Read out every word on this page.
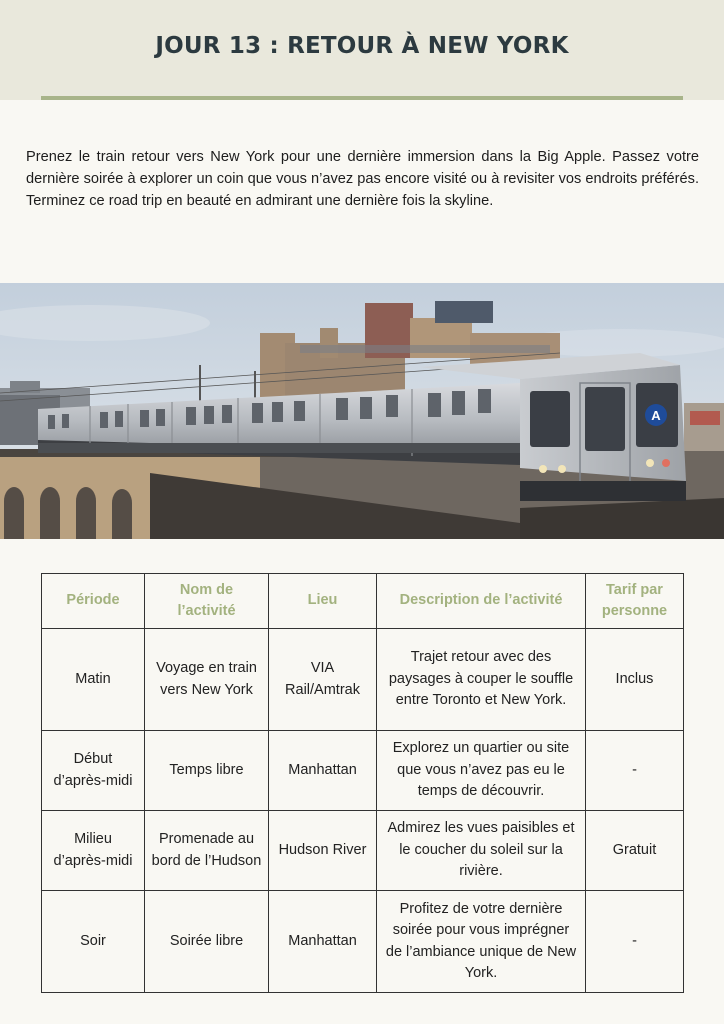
JOUR 13 : RETOUR À NEW YORK

Prenez le train retour vers New York pour une dernière immersion dans la Big Apple. Passez votre dernière soirée à explorer un coin que vous n’avez pas encore visité ou à revisiter vos endroits préférés. Terminez ce road trip en beauté en admirant une dernière fois la skyline.

A
Période	Nom de l’activité	Lieu	Description de l’activité	Tarif par personne
Matin	Voyage en train vers New York	VIA Rail/Amtrak	Trajet retour avec des paysages à couper le souffle entre Toronto et New York.	Inclus
Début d’après-midi	Temps libre	Manhattan	Explorez un quartier ou site que vous n’avez pas eu le temps de découvrir.	-
Milieu d’après-midi	Promenade au bord de l’Hudson	Hudson River	Admirez les vues paisibles et le coucher du soleil sur la rivière.	Gratuit
Soir	Soirée libre	Manhattan	Profitez de votre dernière soirée pour vous imprégner de l’ambiance unique de New York.	-
